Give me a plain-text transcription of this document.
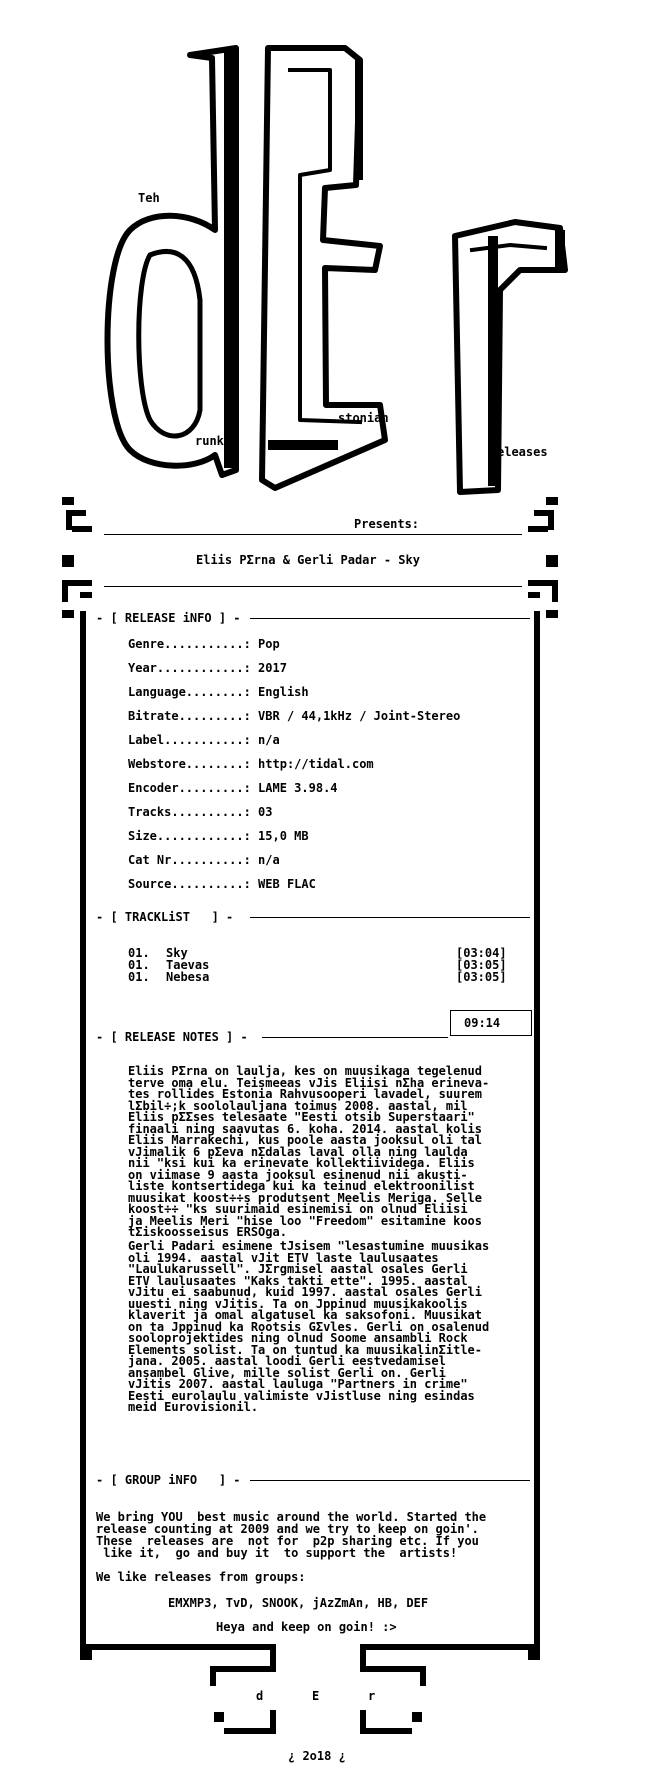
Teh
runk
stonian
eleases
Presents:
Eliis PΣrna & Gerli Padar - Sky
- [ RELEASE iNFO ] -
Genre...........: Pop
Year............: 2017
Language........: English
Bitrate.........: VBR / 44,1kHz / Joint-Stereo
Label...........: n/a
Webstore........: http://tidal.com
Encoder.........: LAME 3.98.4
Tracks..........: 03
Size............: 15,0 MB
Cat Nr..........: n/a
Source..........: WEB FLAC
- [ TRACKLiST   ] -
01. Sky	[03:04]
01. Taevas	[03:05]
01. Nebesa	[03:05]
09:14
- [ RELEASE NOTES ] -
Eliis PΣrna on laulja, kes on muusikaga tegelenud
terve oma elu. Teismeeas vJis Eliisi nΣha erineva-
tes rollides Estonia Rahvusooperi lavadel, suurem
lΣbil÷;k soololauljana toimus 2008. aastal, mil
Eliis pΣΣses telesaate "Eesti otsib Superstaari"
finaali ning saavutas 6. koha. 2014. aastal kolis
Eliis Marrakechi, kus poole aasta jooksul oli tal
vJimalik 6 pΣeva nΣdalas laval olla ning laulda
nii "ksi kui ka erinevate kollektiividega. Eliis
on viimase 9 aasta jooksul esinenud nii akusti-
liste kontsertidega kui ka teinud elektroonilist
muusikat koost÷÷s produtsent Meelis Meriga. Selle
koost÷÷ "ks suurimaid esinemisi on olnud Eliisi
ja Meelis Meri "hise loo "Freedom" esitamine koos
tΣiskoosseisus ERSOga.
Gerli Padari esimene tJsisem "lesastumine muusikas
oli 1994. aastal vJit ETV laste laulusaates
"Laulukarussell". JΣrgmisel aastal osales Gerli
ETV laulusaates "Kaks takti ette". 1995. aastal
vJitu ei saabunud, kuid 1997. aastal osales Gerli
uuesti ning vJitis. Ta on Jppinud muusikakoolis
klaverit ja omal algatusel ka saksofoni. Muusikat
on ta Jppinud ka Rootsis GΣvles. Gerli on osalenud
sooloprojektides ning olnud Soome ansambli Rock
Elements solist. Ta on tuntud ka muusikalinΣitle-
jana. 2005. aastal loodi Gerli eestvedamisel
ansambel Glive, mille solist Gerli on. Gerli
vJitis 2007. aastal lauluga "Partners in crime"
Eesti eurolaulu valimiste vJistluse ning esindas
meid Eurovisionil.
- [ GROUP iNFO   ] -
We bring YOU  best music around the world. Started the
release counting at 2009 and we try to keep on goin'.
These  releases are  not for  p2p sharing etc. If you
like it,  go and buy it  to support the  artists!
We like releases from groups:
EMXMP3, TvD, SNOOK, jAzZmAn, HB, DEF
Heya and keep on goin! :>
d	E	r
¿ 2o18 ¿
